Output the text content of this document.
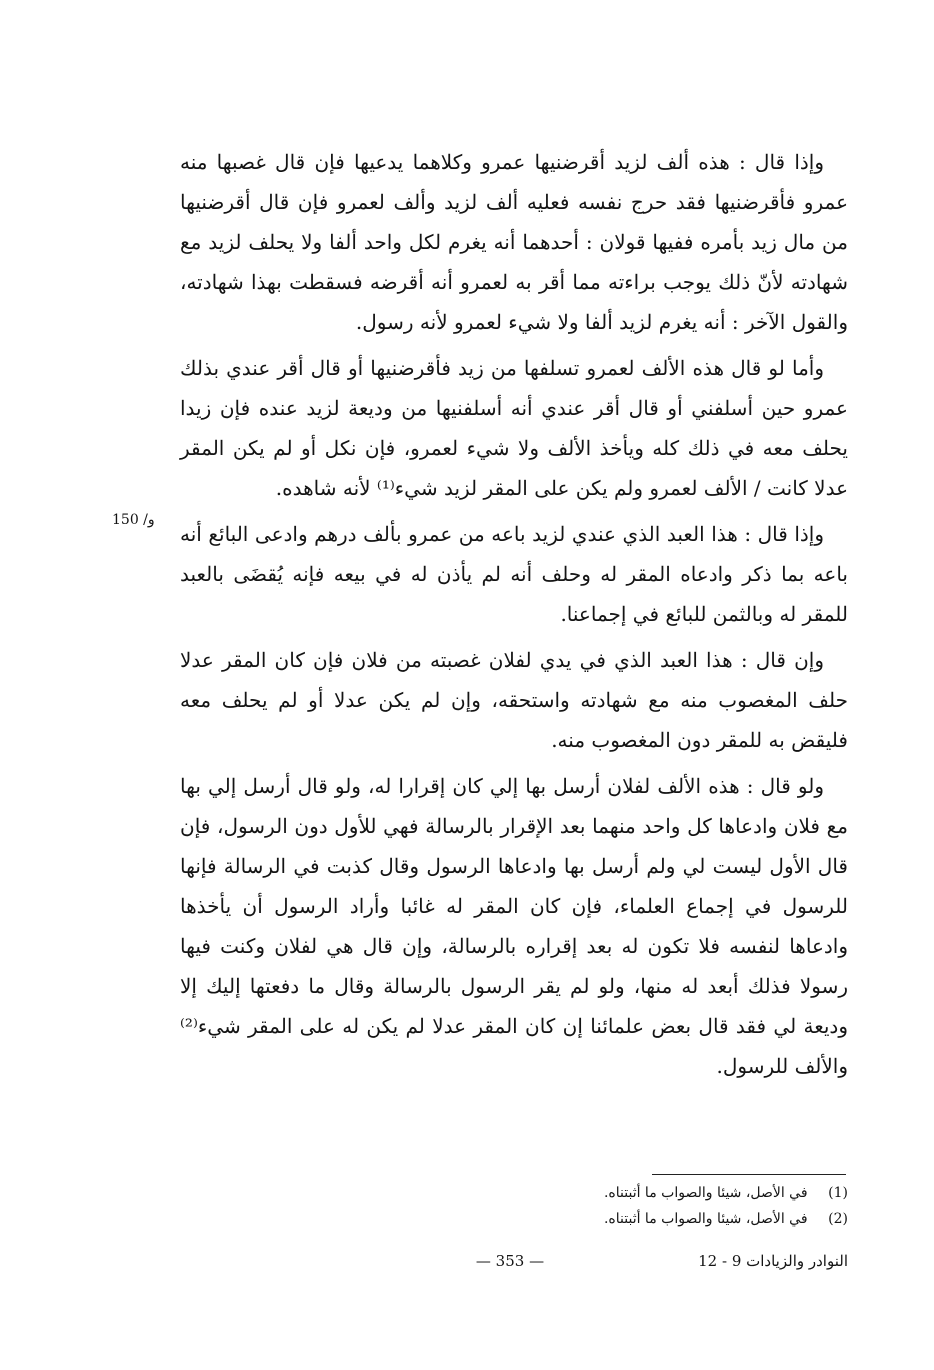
وإذا قال : هذه ألف لزيد أقرضنيها عمرو وكلاهما يدعيها فإن قال غصبها منه عمرو فأقرضنيها فقد حرج نفسه فعليه ألف لزيد وألف لعمرو فإن قال أقرضنيها من مال زيد بأمره ففيها قولان : أحدهما أنه يغرم لكل واحد ألفا ولا يحلف لزيد مع شهادته لأنّ ذلك يوجب براءته مما أقر به لعمرو أنه أقرضه فسقطت بهذا شهادته، والقول الآخر : أنه يغرم لزيد ألفا ولا شيء لعمرو لأنه رسول.

وأما لو قال هذه الألف لعمرو تسلفها من زيد فأقرضنيها أو قال أقر عندي بذلك عمرو حين أسلفني أو قال أقر عندي أنه أسلفنيها من وديعة لزيد عنده فإن زيدا يحلف معه في ذلك كله ويأخذ الألف ولا شيء لعمرو، فإن نكل أو لم يكن المقر عدلا كانت / الألف لعمرو ولم يكن على المقر لزيد شيء⁽¹⁾ لأنه شاهده.

وإذا قال : هذا العبد الذي عندي لزيد باعه من عمرو بألف درهم وادعى البائع أنه باعه بما ذكر وادعاه المقر له وحلف أنه لم يأذن له في بيعه فإنه يُقضَى بالعبد للمقر له وبالثمن للبائع في إجماعنا.

وإن قال : هذا العبد الذي في يدي لفلان غصبته من فلان فإن كان المقر عدلا حلف المغصوب منه مع شهادته واستحقه، وإن لم يكن عدلا أو لم يحلف معه فليقض به للمقر دون المغصوب منه.

ولو قال : هذه الألف لفلان أرسل بها إلي كان إقرارا له، ولو قال أرسل إلي بها مع فلان وادعاها كل واحد منهما بعد الإقرار بالرسالة فهي للأول دون الرسول، فإن قال الأول ليست لي ولم أرسل بها وادعاها الرسول وقال كذبت في الرسالة فإنها للرسول في إجماع العلماء، فإن كان المقر له غائبا وأراد الرسول أن يأخذها وادعاها لنفسه فلا تكون له بعد إقراره بالرسالة، وإن قال هي لفلان وكنت فيها رسولا فذلك أبعد له منها، ولو لم يقر الرسول بالرسالة وقال ما دفعتها إليك إلا وديعة لي فقد قال بعض علمائنا إن كان المقر عدلا لم يكن له على المقر شيء⁽²⁾ والألف للرسول.

150 /و
(1) في الأصل، شيئا والصواب ما أثبتناه.
(2) في الأصل، شيئا والصواب ما أثبتناه.
— 353 —	12 - النوادر والزيادات 9
